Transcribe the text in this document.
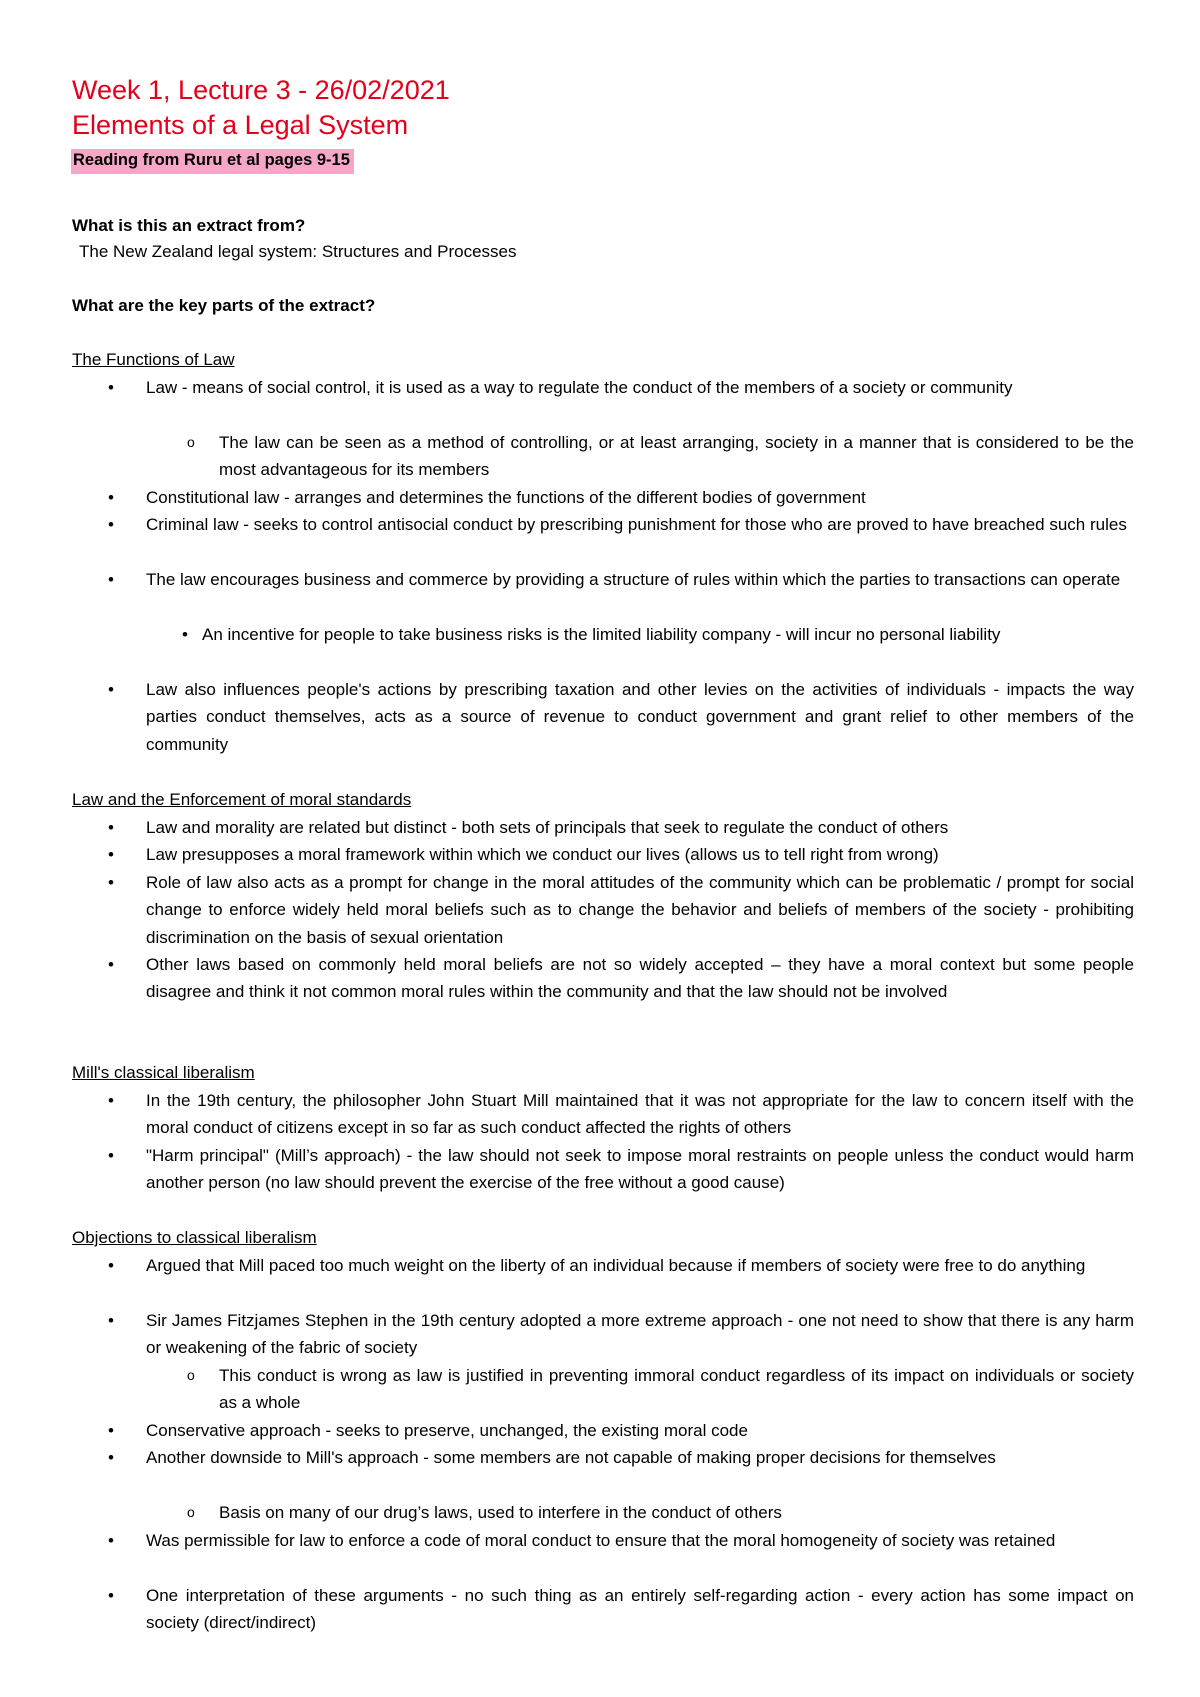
Week 1, Lecture 3 - 26/02/2021
Elements of a Legal System
Reading from Ruru et al pages 9-15
What is this an extract from?
The New Zealand legal system: Structures and Processes
What are the key parts of the extract?
The Functions of Law
• Law - means of social control, it is used as a way to regulate the conduct of the members of a society or community
o The law can be seen as a method of controlling, or at least arranging, society in a manner that is considered to be the most advantageous for its members
• Constitutional law - arranges and determines the functions of the different bodies of government
• Criminal law - seeks to control antisocial conduct by prescribing punishment for those who are proved to have breached such rules
• The law encourages business and commerce by providing a structure of rules within which the parties to transactions can operate
• An incentive for people to take business risks is the limited liability company - will incur no personal liability
• Law also influences people's actions by prescribing taxation and other levies on the activities of individuals - impacts the way parties conduct themselves, acts as a source of revenue to conduct government and grant relief to other members of the community
Law and the Enforcement of moral standards
• Law and morality are related but distinct - both sets of principals that seek to regulate the conduct of others
• Law presupposes a moral framework within which we conduct our lives (allows us to tell right from wrong)
• Role of law also acts as a prompt for change in the moral attitudes of the community which can be problematic / prompt for social change to enforce widely held moral beliefs such as to change the behavior and beliefs of members of the society - prohibiting discrimination on the basis of sexual orientation
• Other laws based on commonly held moral beliefs are not so widely accepted – they have a moral context but some people disagree and think it not common moral rules within the community and that the law should not be involved
Mill's classical liberalism
• In the 19th century, the philosopher John Stuart Mill maintained that it was not appropriate for the law to concern itself with the moral conduct of citizens except in so far as such conduct affected the rights of others
• "Harm principal" (Mill’s approach) - the law should not seek to impose moral restraints on people unless the conduct would harm another person (no law should prevent the exercise of the free without a good cause)
Objections to classical liberalism
• Argued that Mill paced too much weight on the liberty of an individual because if members of society were free to do anything
• Sir James Fitzjames Stephen in the 19th century adopted a more extreme approach - one not need to show that there is any harm or weakening of the fabric of society
o This conduct is wrong as law is justified in preventing immoral conduct regardless of its impact on individuals or society as a whole
• Conservative approach - seeks to preserve, unchanged, the existing moral code
• Another downside to Mill's approach - some members are not capable of making proper decisions for themselves
o Basis on many of our drug’s laws, used to interfere in the conduct of others
• Was permissible for law to enforce a code of moral conduct to ensure that the moral homogeneity of society was retained
• One interpretation of these arguments - no such thing as an entirely self-regarding action - every action has some impact on society (direct/indirect)
